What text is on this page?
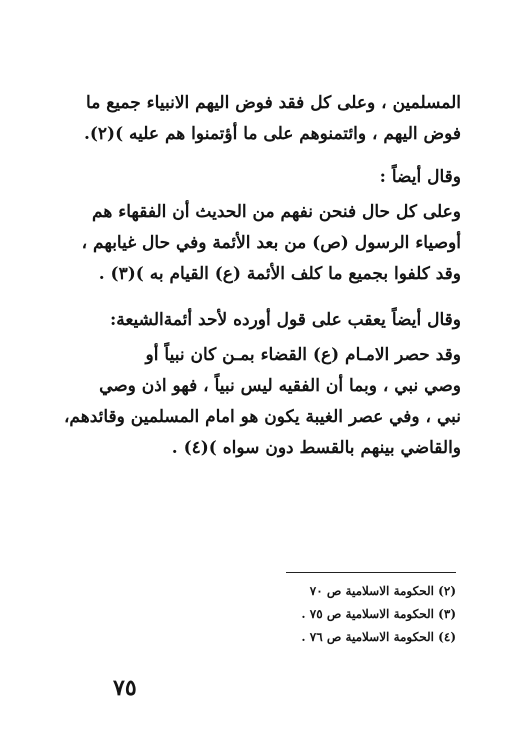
المسلمين ، وعلى كل فقد فوض اليهم الانبياء جميع ما
فوض اليهم ، وائتمنوهم على ما أؤتمنوا هم عليه )(٢).

وقال أيضاً :

وعلى كل حال فنحن نفهم من الحديث أن الفقهاء هم
أوصياء الرسول (ص) من بعد الأئمة وفي حال غيابهم ،
وقد كلفوا بجميع ما كلف الأئمة (ع) القيام به )(٣) .

وقال أيضاً يعقب على قول أورده لأحد أئمةالشيعة:

وقد حصر الامـام (ع) القضاء بمـن كان نبياً أو
وصي نبي ، وبما أن الفقيه ليس نبياً ، فهو اذن وصي
نبي ، وفي عصر الغيبة يكون هو امام المسلمين وقائدهم،
والقاضي بينهم بالقسط دون سواه )(٤) .

(٢) الحكومة الاسلامية ص ٧٠
(٣) الحكومة الاسلامية ص ٧٥ .
(٤) الحكومة الاسلامية ص ٧٦ .
٧٥
